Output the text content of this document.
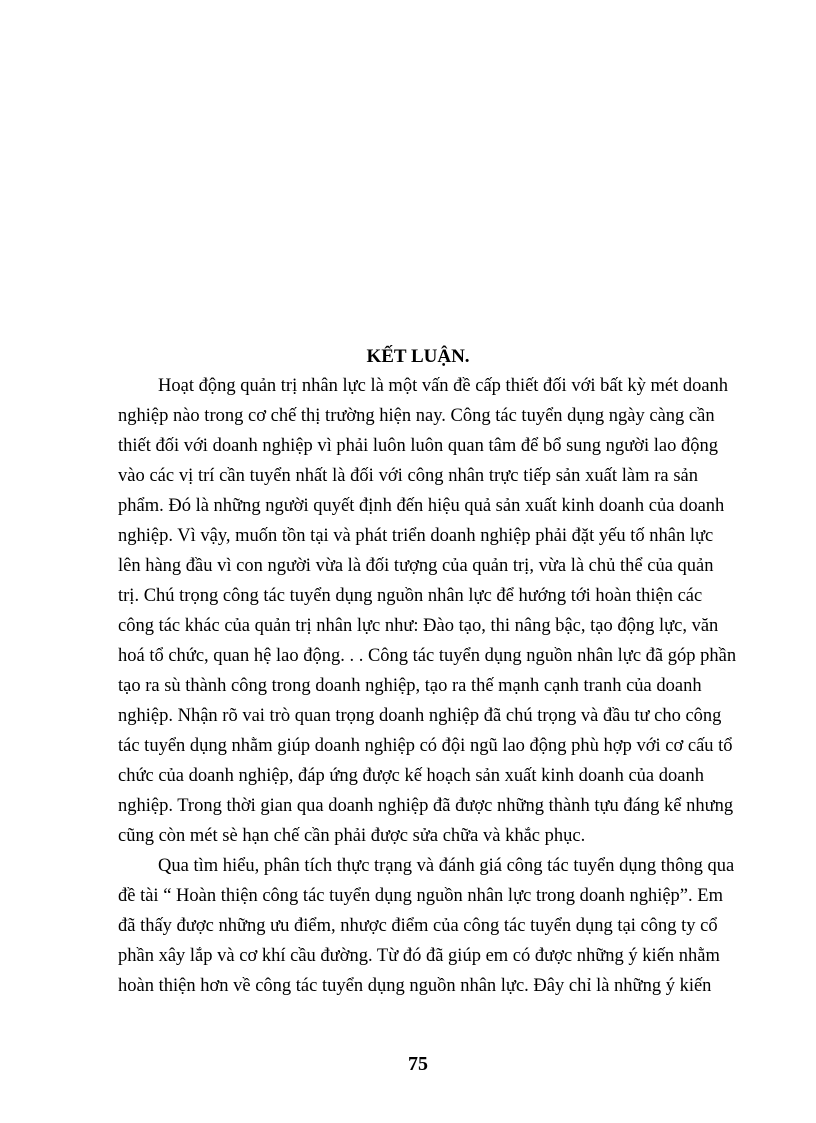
KẾT LUẬN.
Hoạt động quản trị nhân lực là một vấn đề cấp thiết đối với bất kỳ mét doanh
nghiệp nào trong cơ chế thị trường hiện nay. Công tác tuyển dụng ngày càng cần
thiết đối với doanh nghiệp vì phải luôn luôn quan tâm để bổ sung người lao động
vào các vị trí cần tuyển nhất là đối với công nhân trực tiếp sản xuất làm ra sản
phẩm. Đó là những người quyết định đến hiệu quả sản xuất kinh doanh của doanh
nghiệp. Vì vậy, muốn tồn tại và phát triển doanh nghiệp phải đặt yếu tố nhân lực
lên hàng đầu vì con người vừa là đối tượng của quản trị, vừa là chủ thể của quản
trị. Chú trọng công tác tuyển dụng nguồn nhân lực để hướng tới hoàn thiện các
công tác khác của quản trị nhân lực như: Đào tạo, thi nâng bậc, tạo động lực, văn
hoá tổ chức, quan hệ lao động. . . Công tác tuyển dụng nguồn nhân lực đã góp phần
tạo ra sù thành công trong doanh nghiệp, tạo ra thế mạnh cạnh tranh của doanh
nghiệp. Nhận rõ vai trò quan trọng doanh nghiệp đã chú trọng và đầu tư cho công
tác tuyển dụng nhằm giúp doanh nghiệp có đội ngũ lao động phù hợp với cơ cấu tổ
chức của doanh nghiệp, đáp ứng được kế hoạch sản xuất kinh doanh của doanh
nghiệp. Trong thời gian qua doanh nghiệp đã được những thành tựu đáng kể nhưng
cũng còn mét sè hạn chế cần phải được sửa chữa và khắc phục.
Qua tìm hiểu, phân tích thực trạng và đánh giá công tác tuyển dụng thông qua
đề tài “ Hoàn thiện công tác tuyển dụng nguồn nhân lực trong doanh nghiệp”. Em
đã thấy được những ưu điểm, nhược điểm của công tác tuyển dụng tại công ty cổ
phần xây lắp và cơ khí cầu đường. Từ đó đã giúp em có được những ý kiến nhằm
hoàn thiện hơn về công tác tuyển dụng nguồn nhân lực. Đây chỉ là những ý kiến
75
